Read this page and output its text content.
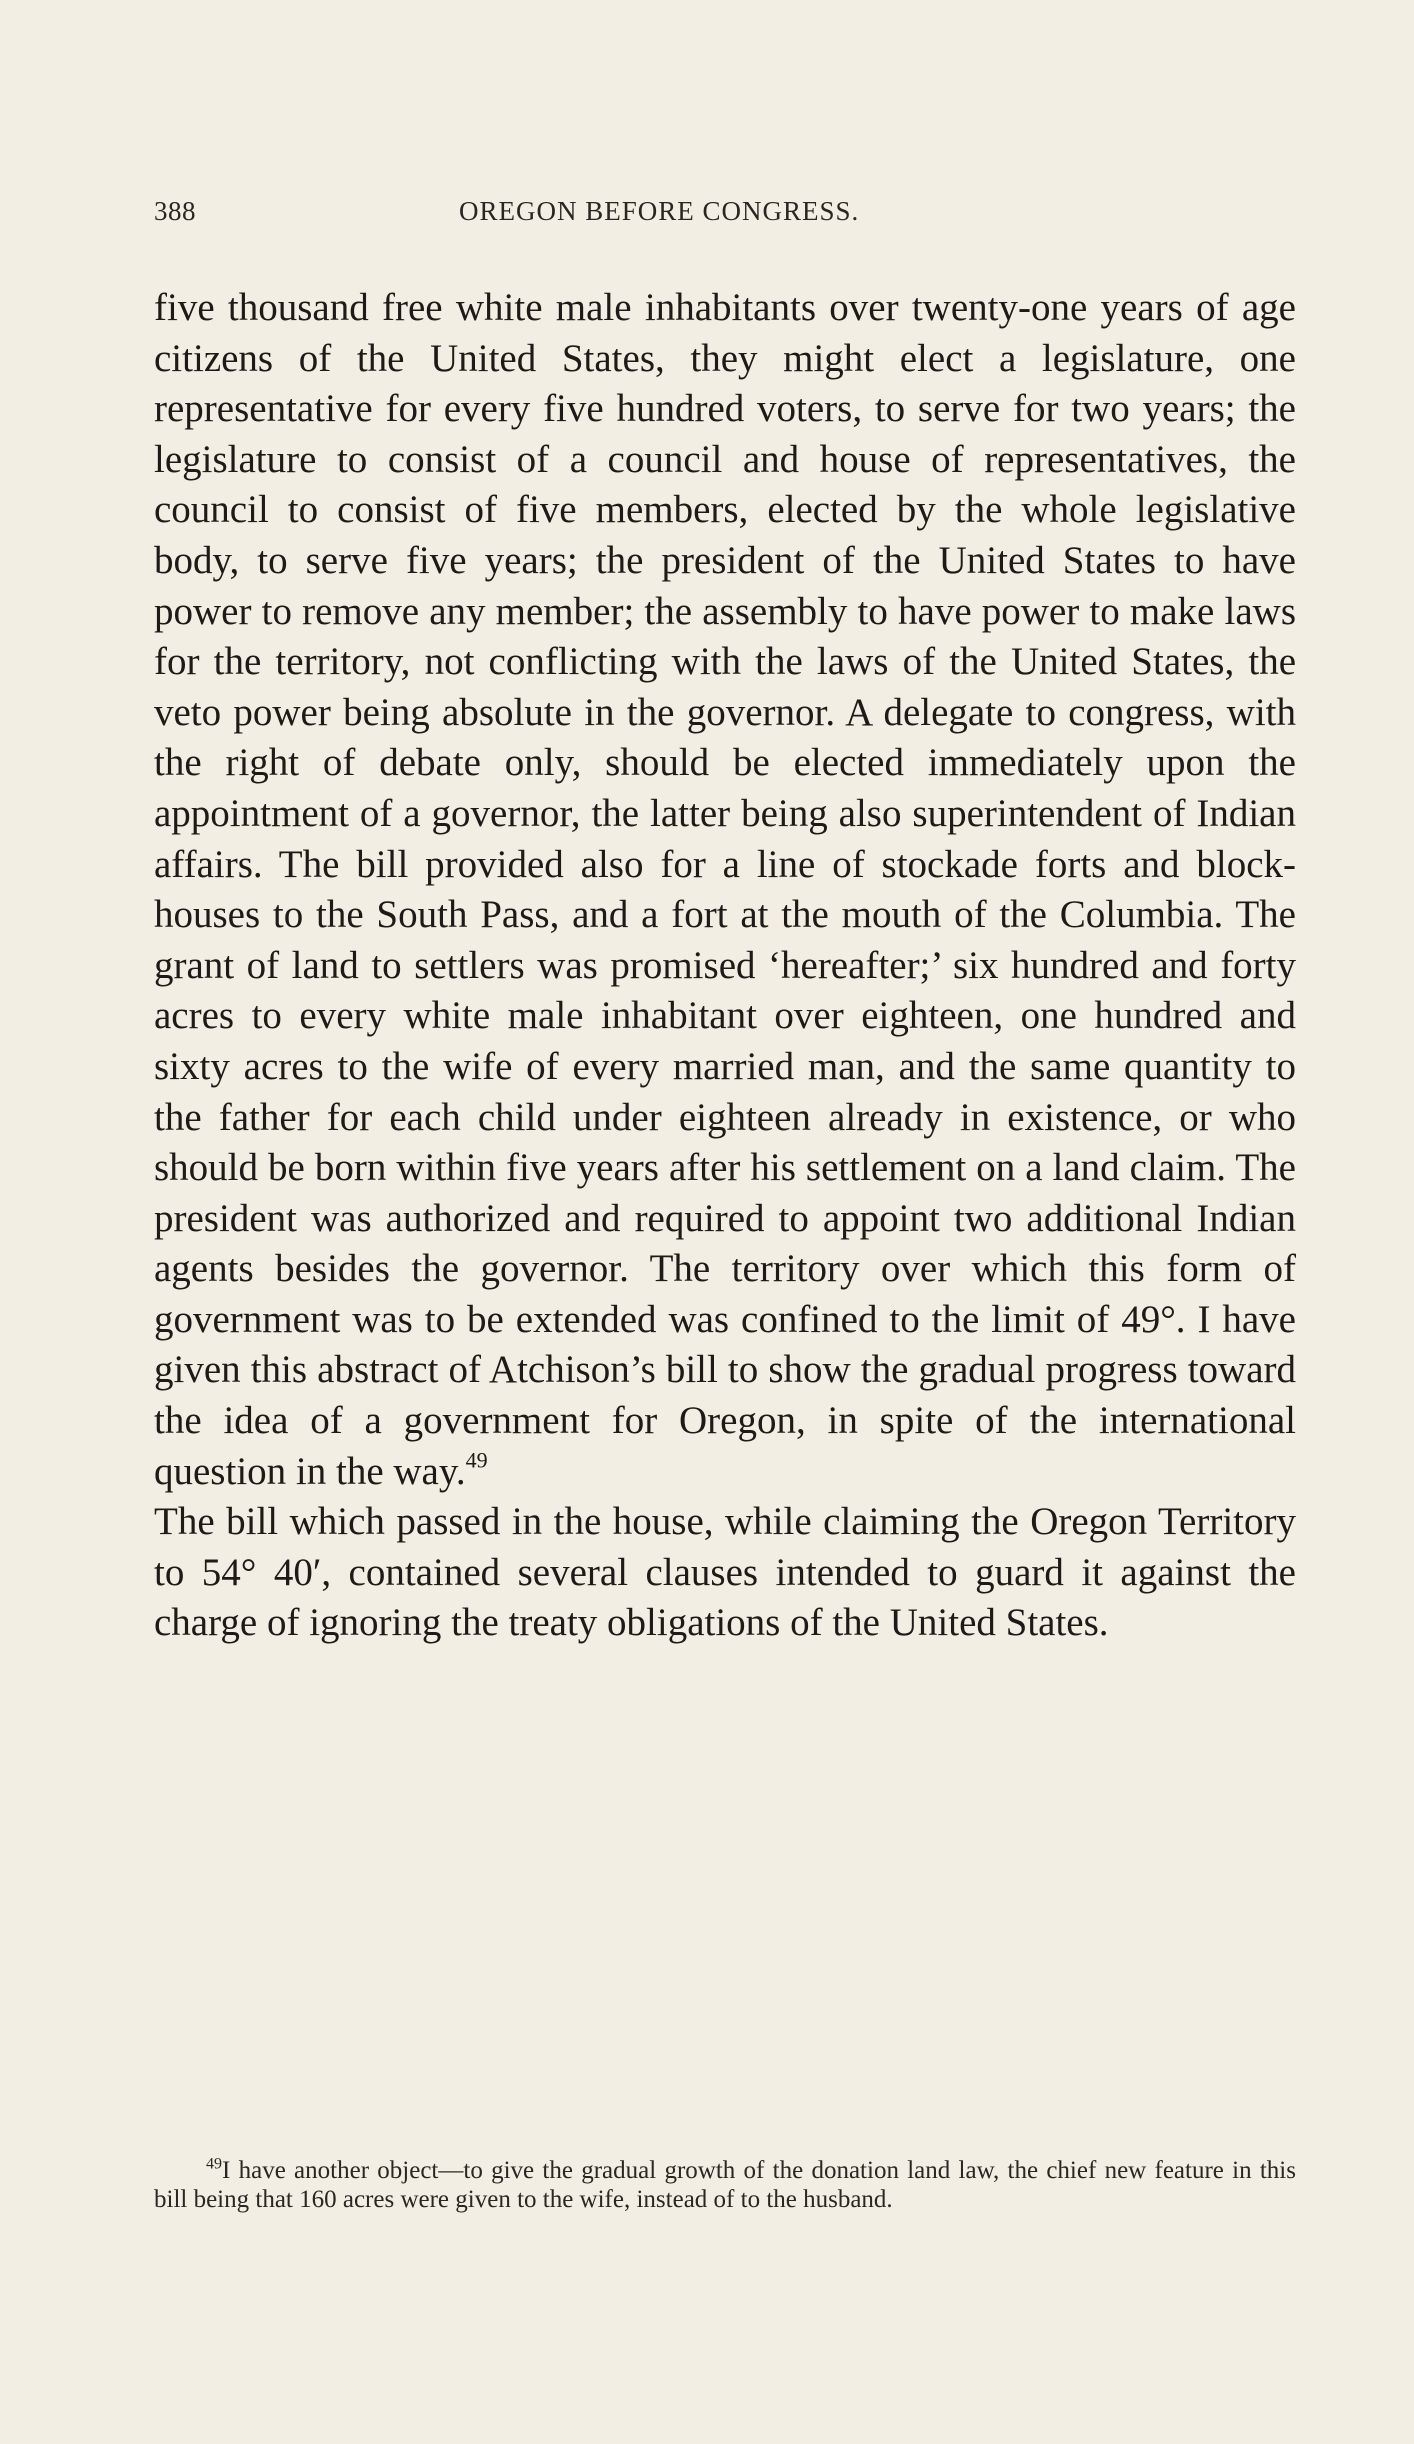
388	OREGON BEFORE CONGRESS.

five thousand free white male inhabitants over twenty-one years of age citizens of the United States, they might elect a legislature, one representative for every five hundred voters, to serve for two years; the legislature to consist of a council and house of representatives, the council to consist of five members, elected by the whole legislative body, to serve five years; the president of the United States to have power to remove any member; the assembly to have power to make laws for the territory, not conflicting with the laws of the United States, the veto power being absolute in the governor. A delegate to congress, with the right of debate only, should be elected immediately upon the appointment of a governor, the latter being also superintendent of Indian affairs. The bill provided also for a line of stockade forts and block-houses to the South Pass, and a fort at the mouth of the Columbia. The grant of land to settlers was promised ‘hereafter;’ six hundred and forty acres to every white male inhabitant over eighteen, one hundred and sixty acres to the wife of every married man, and the same quantity to the father for each child under eighteen already in existence, or who should be born within five years after his settlement on a land claim. The president was authorized and required to appoint two additional Indian agents besides the governor. The territory over which this form of government was to be extended was confined to the limit of 49°. I have given this abstract of Atchison’s bill to show the gradual progress toward the idea of a government for Oregon, in spite of the international question in the way.$^{49}$

The bill which passed in the house, while claiming the Oregon Territory to 54° 40′, contained several clauses intended to guard it against the charge of ignoring the treaty obligations of the United States.

$^{49}$I have another object—to give the gradual growth of the donation land law, the chief new feature in this bill being that 160 acres were given to the wife, instead of to the husband.
